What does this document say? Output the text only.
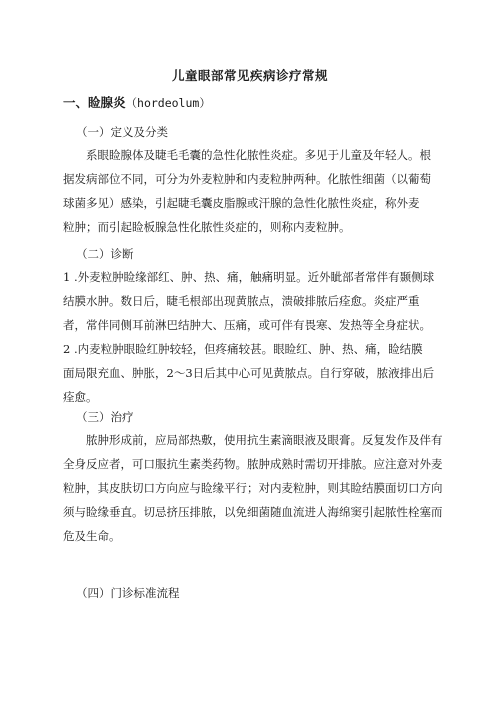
儿童眼部常见疾病诊疗常规
一、睑腺炎（hordeolum）
（一）定义及分类
系眼睑腺体及睫毛毛囊的急性化脓性炎症。多见于儿童及年轻人。根
据发病部位不同，可分为外麦粒肿和内麦粒肿两种。化脓性细菌（以葡萄
球菌多见）感染，引起睫毛囊皮脂腺或汗腺的急性化脓性炎症，称外麦
粒肿；而引起睑板腺急性化脓性炎症的，则称内麦粒肿。
（二）诊断
1 .外麦粒肿睑缘部红、肿、热、痛，触痛明显。近外眦部者常伴有颞侧球
结膜水肿。数日后，睫毛根部出现黄脓点，溃破排脓后痊愈。炎症严重
者，常伴同侧耳前淋巴结肿大、压痛，或可伴有畏寒、发热等全身症状。
2 .内麦粒肿眼睑红肿较轻，但疼痛较甚。眼睑红、肿、热、痛，睑结膜
面局限充血、肿胀，2〜3日后其中心可见黄脓点。自行穿破，脓液排出后
痊愈。
（三）治疗
脓肿形成前，应局部热敷，使用抗生素滴眼液及眼膏。反复发作及伴有
全身反应者，可口服抗生素类药物。脓肿成熟时需切开排脓。应注意对外麦
粒肿，其皮肤切口方向应与睑缘平行；对内麦粒肿，则其睑结膜面切口方向
须与睑缘垂直。切忌挤压排脓，以免细菌随血流进人海绵窦引起脓性栓塞而
危及生命。
（四）门诊标准流程
